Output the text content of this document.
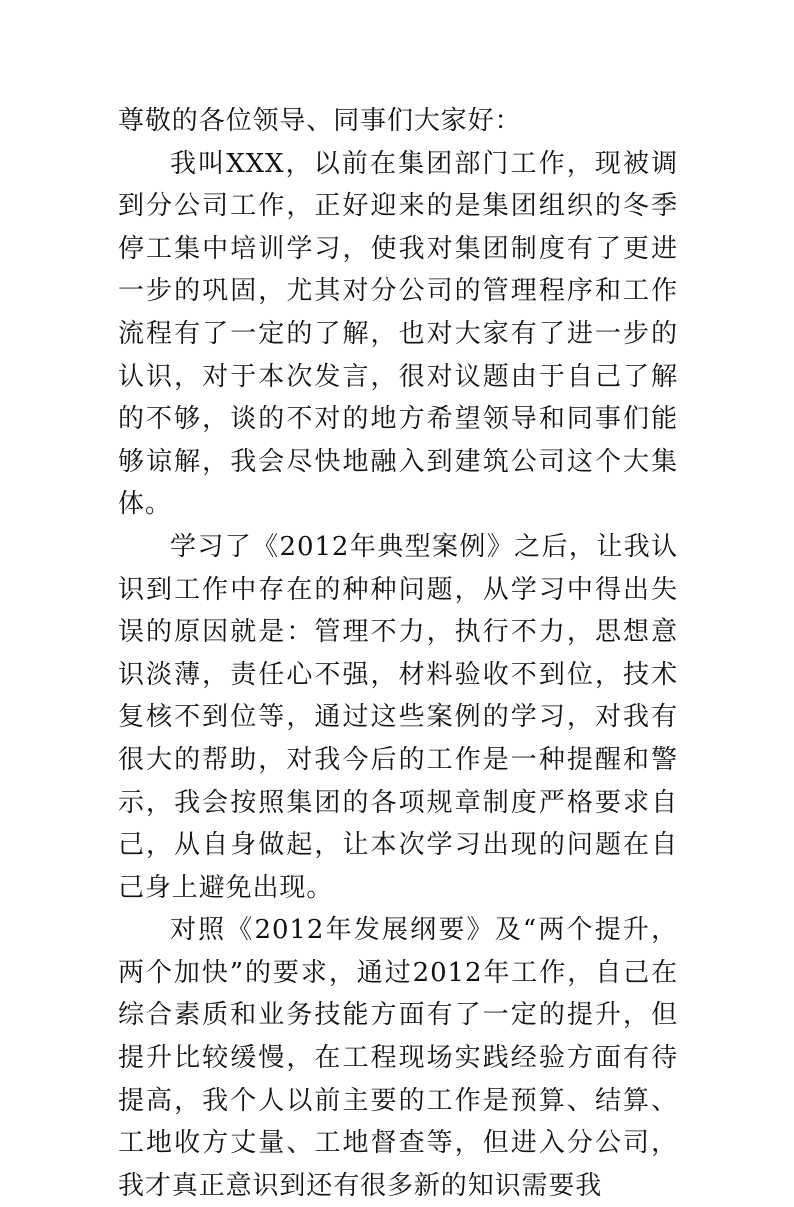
尊敬的各位领导、同事们大家好：

我叫XXX，以前在集团部门工作，现被调到分公司工作，正好迎来的是集团组织的冬季停工集中培训学习，使我对集团制度有了更进一步的巩固，尤其对分公司的管理程序和工作流程有了一定的了解，也对大家有了进一步的认识，对于本次发言，很对议题由于自己了解的不够，谈的不对的地方希望领导和同事们能够谅解，我会尽快地融入到建筑公司这个大集体。

学习了《2012年典型案例》之后，让我认识到工作中存在的种种问题，从学习中得出失误的原因就是：管理不力，执行不力，思想意识淡薄，责任心不强，材料验收不到位，技术复核不到位等，通过这些案例的学习，对我有很大的帮助，对我今后的工作是一种提醒和警示，我会按照集团的各项规章制度严格要求自己，从自身做起，让本次学习出现的问题在自己身上避免出现。

对照《2012年发展纲要》及“两个提升，两个加快”的要求，通过2012年工作，自己在综合素质和业务技能方面有了一定的提升，但提升比较缓慢，在工程现场实践经验方面有待提高，我个人以前主要的工作是预算、结算、工地收方丈量、工地督查等，但进入分公司，我才真正意识到还有很多新的知识需要我
